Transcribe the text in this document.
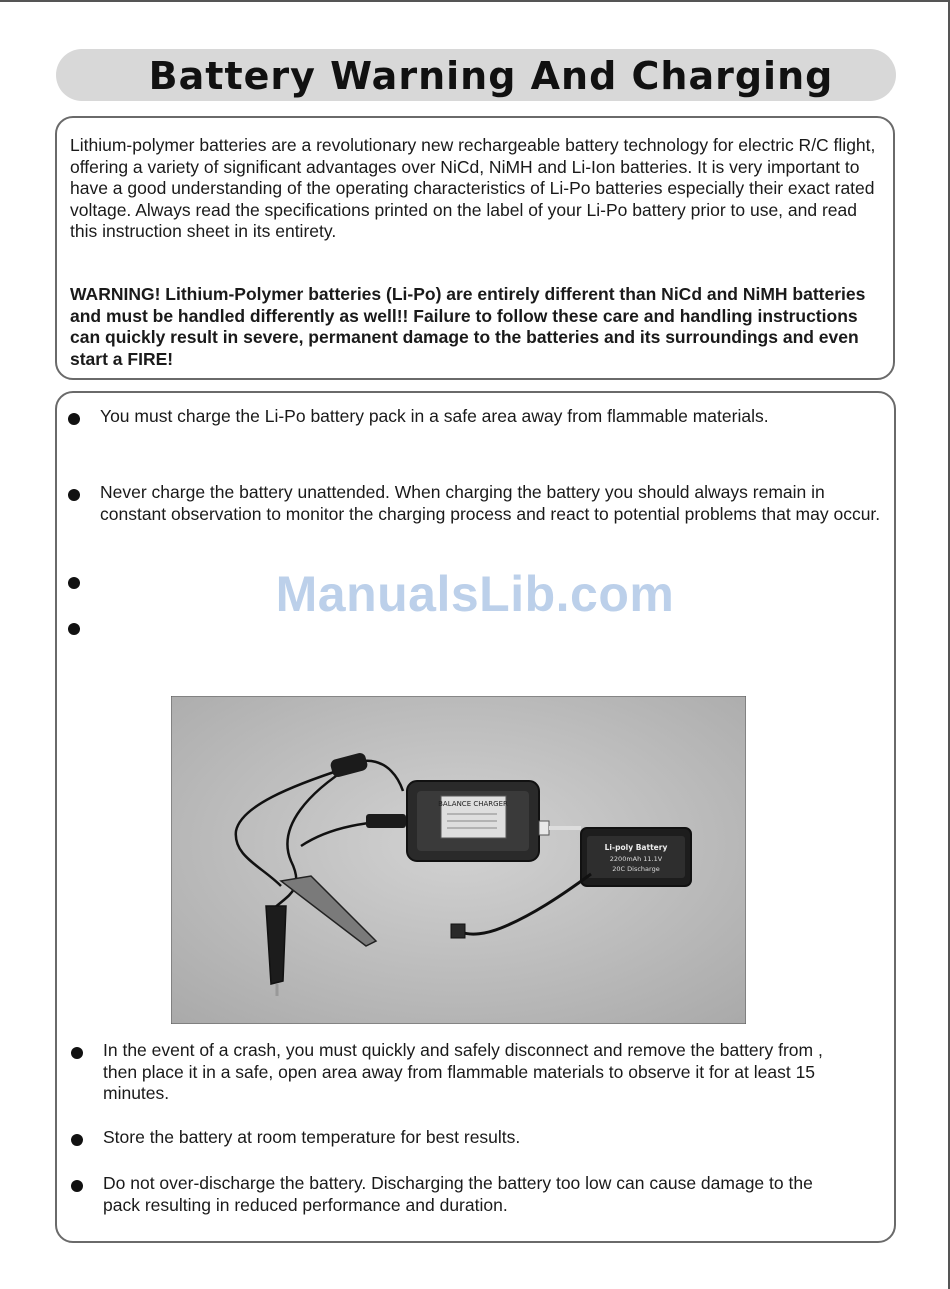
Battery Warning And Charging

Lithium-polymer batteries are a revolutionary new rechargeable battery technology for electric R/C flight, offering a variety of significant advantages over NiCd, NiMH and Li-Ion batteries. It is very important to have a good understanding of the operating characteristics of Li-Po batteries especially their exact rated voltage. Always read the specifications printed on the label of your Li-Po battery prior to use, and read this instruction sheet in its entirety.

WARNING! Lithium-Polymer batteries (Li-Po) are entirely different than NiCd and NiMH batteries and must be handled differently as well!! Failure to follow these care and handling instructions can quickly result in severe, permanent damage to the batteries and its surroundings and even start a FIRE!

You must charge the Li-Po battery pack in a safe area away from flammable materials.

Never charge the battery unattended. When charging the battery you should always remain in constant observation to monitor the charging process and react to potential problems that may occur.

ManualsLib.com
BALANCE CHARGER
Li-poly Battery
2200mAh 11.1V
20C Discharge

In the event of a crash, you must quickly and safely disconnect and remove the battery from , then place it in a safe, open area away from flammable materials to observe it for at least 15 minutes.

Store the battery at room temperature for best results.

Do not over-discharge the battery. Discharging the battery too low can cause damage to the pack resulting in reduced performance and duration.
